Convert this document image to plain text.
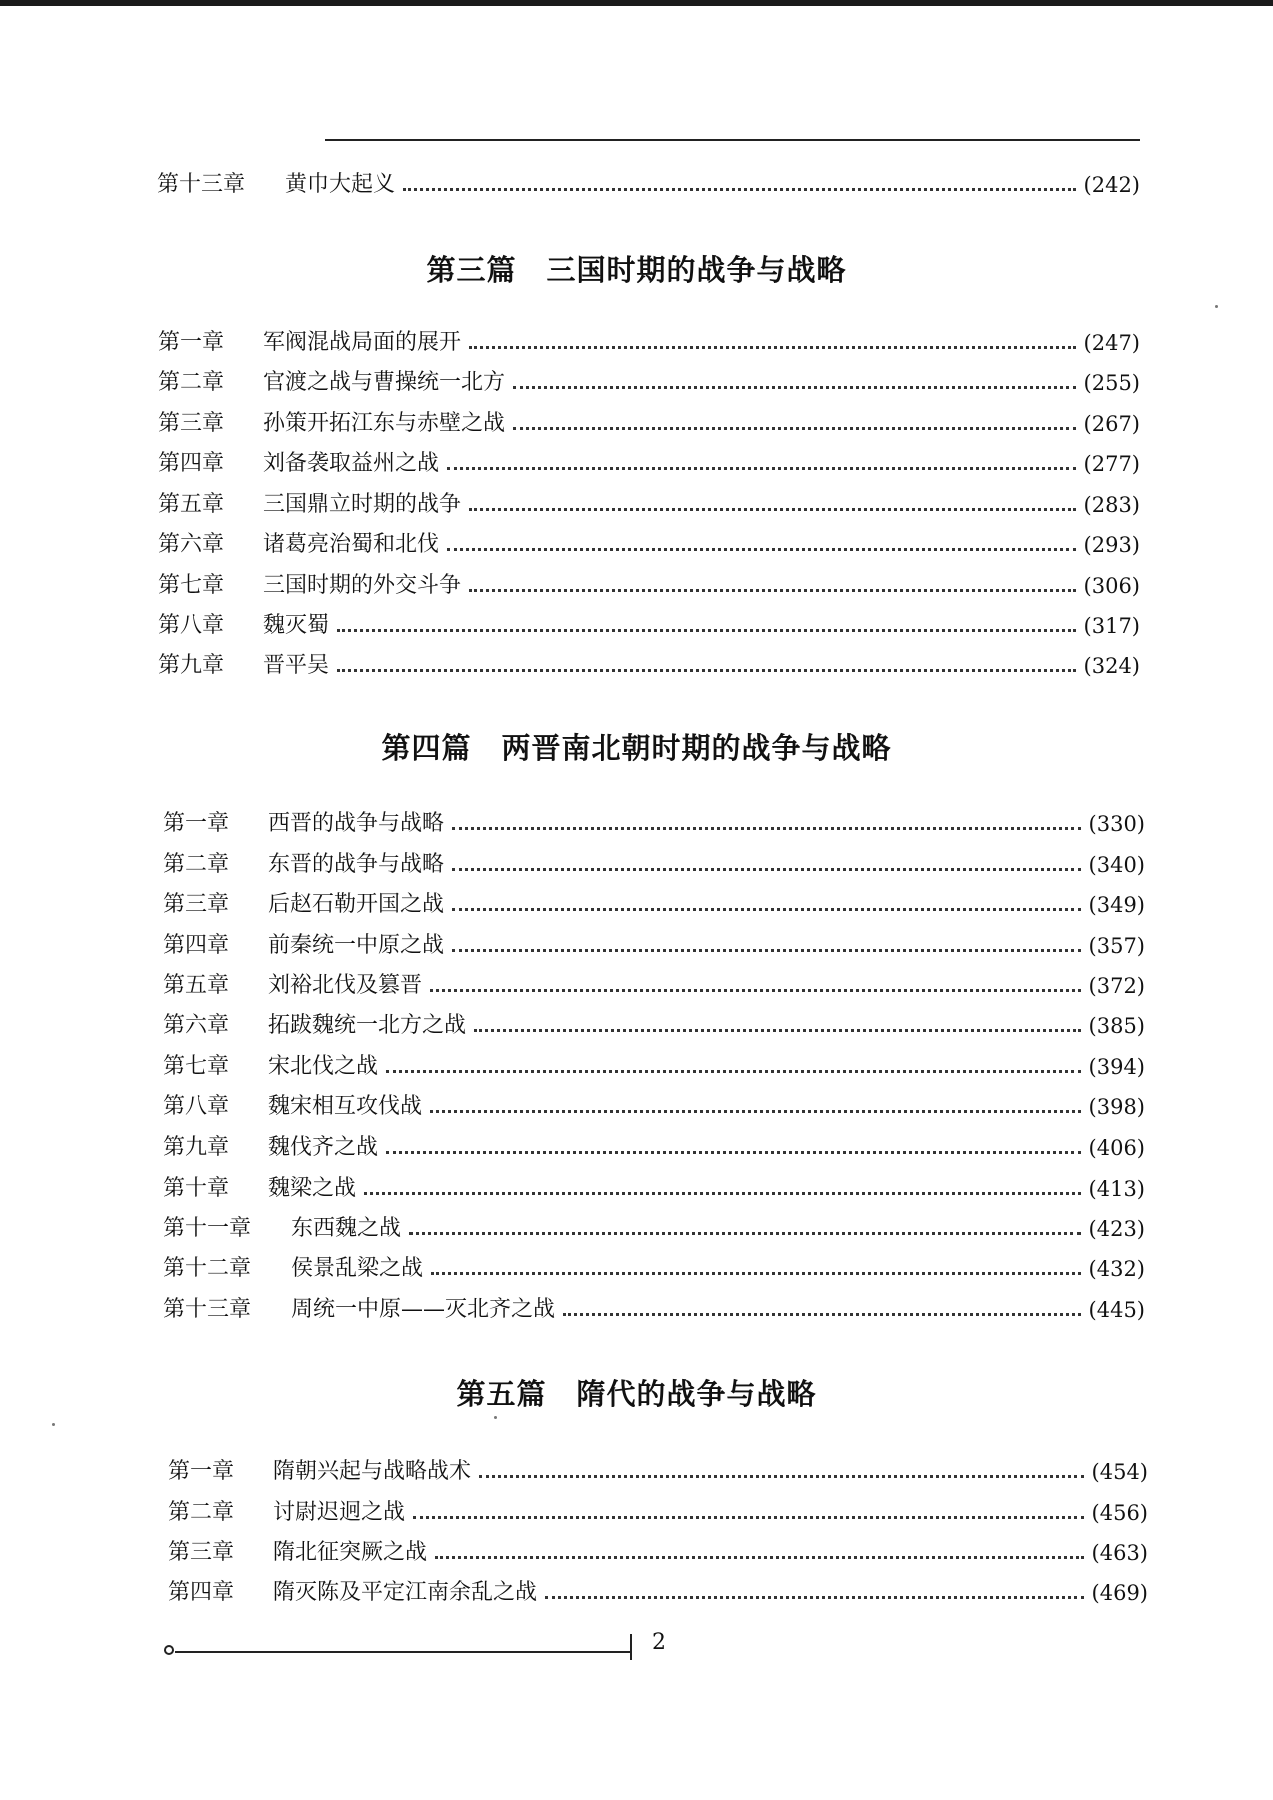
第十三章	黄巾大起义	(242)
第三篇　三国时期的战争与战略
第一章	军阀混战局面的展开	(247)
第二章	官渡之战与曹操统一北方	(255)
第三章	孙策开拓江东与赤壁之战	(267)
第四章	刘备袭取益州之战	(277)
第五章	三国鼎立时期的战争	(283)
第六章	诸葛亮治蜀和北伐	(293)
第七章	三国时期的外交斗争	(306)
第八章	魏灭蜀	(317)
第九章	晋平吴	(324)
第四篇　两晋南北朝时期的战争与战略
第一章	西晋的战争与战略	(330)
第二章	东晋的战争与战略	(340)
第三章	后赵石勒开国之战	(349)
第四章	前秦统一中原之战	(357)
第五章	刘裕北伐及篡晋	(372)
第六章	拓跋魏统一北方之战	(385)
第七章	宋北伐之战	(394)
第八章	魏宋相互攻伐战	(398)
第九章	魏伐齐之战	(406)
第十章	魏梁之战	(413)
第十一章	东西魏之战	(423)
第十二章	侯景乱梁之战	(432)
第十三章	周统一中原——灭北齐之战	(445)
第五篇　隋代的战争与战略
第一章	隋朝兴起与战略战术	(454)
第二章	讨尉迟迥之战	(456)
第三章	隋北征突厥之战	(463)
第四章	隋灭陈及平定江南余乱之战	(469)
2
